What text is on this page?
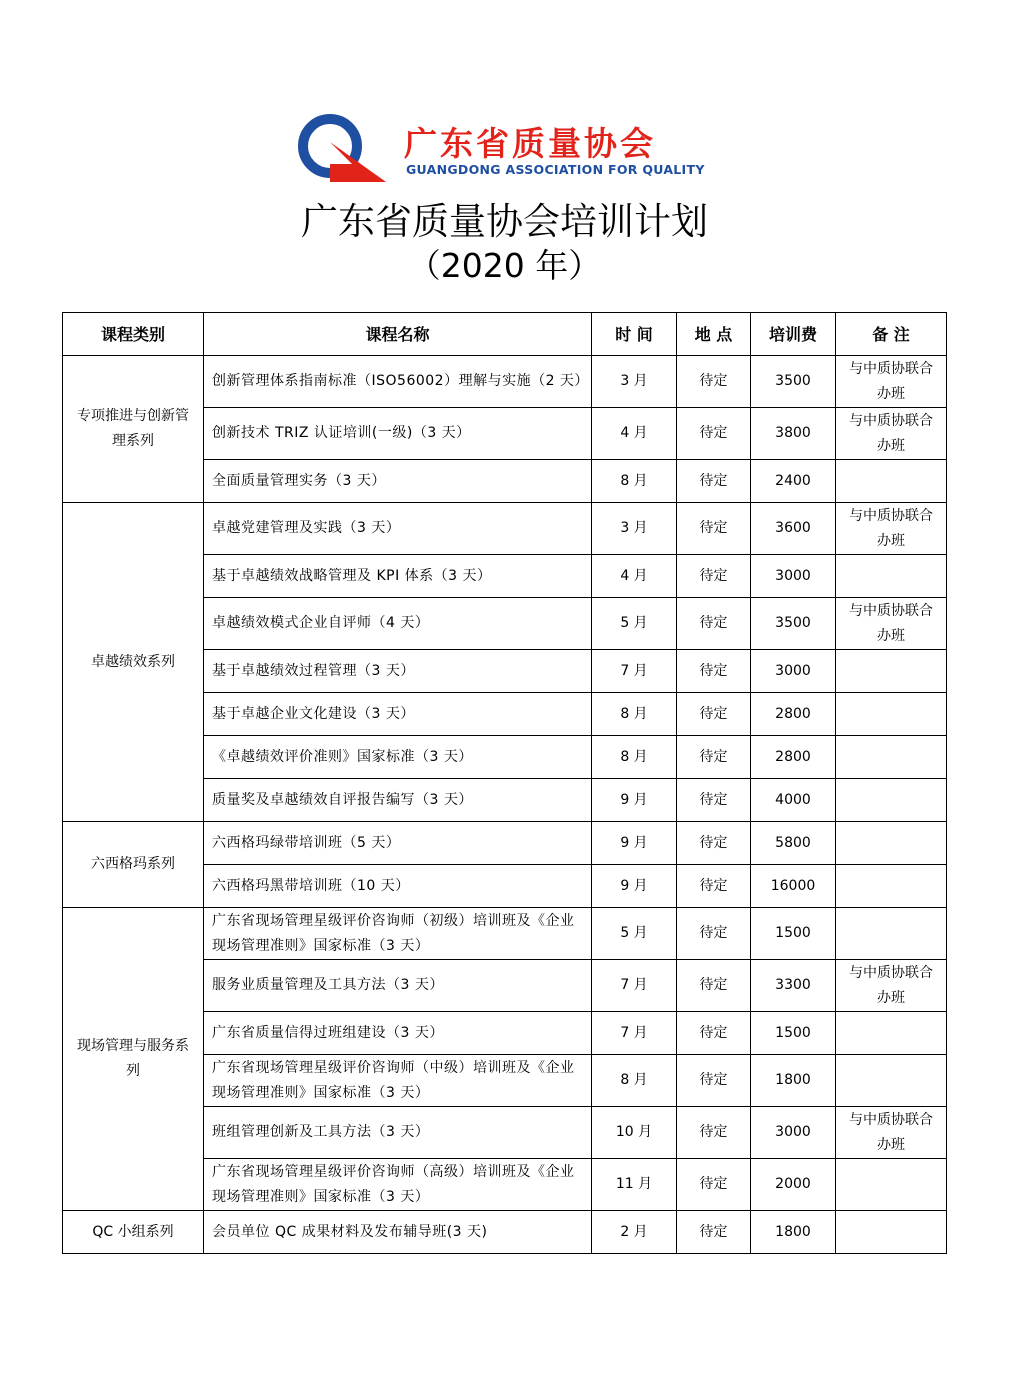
广东省质量协会
GUANGDONG ASSOCIATION FOR QUALITY
广东省质量协会培训计划
（2020 年）
课程类别	课程名称	时 间	地 点	培训费	备 注
专项推进与创新管理系列	创新管理体系指南标准（ISO56002）理解与实施（2 天）	3 月	待定	3500	与中质协联合办班
	创新技术 TRIZ 认证培训(一级)（3 天）	4 月	待定	3800	与中质协联合办班
	全面质量管理实务（3 天）	8 月	待定	2400	
卓越绩效系列	卓越党建管理及实践（3 天）	3 月	待定	3600	与中质协联合办班
	基于卓越绩效战略管理及 KPI 体系（3 天）	4 月	待定	3000	
	卓越绩效模式企业自评师（4 天）	5 月	待定	3500	与中质协联合办班
	基于卓越绩效过程管理（3 天）	7 月	待定	3000	
	基于卓越企业文化建设（3 天）	8 月	待定	2800	
	《卓越绩效评价准则》国家标准（3 天）	8 月	待定	2800	
	质量奖及卓越绩效自评报告编写（3 天）	9 月	待定	4000	
六西格玛系列	六西格玛绿带培训班（5 天）	9 月	待定	5800	
	六西格玛黑带培训班（10 天）	9 月	待定	16000	
现场管理与服务系列	广东省现场管理星级评价咨询师（初级）培训班及《企业现场管理准则》国家标准（3 天）	5 月	待定	1500	
	服务业质量管理及工具方法（3 天）	7 月	待定	3300	与中质协联合办班
	广东省质量信得过班组建设（3 天）	7 月	待定	1500	
	广东省现场管理星级评价咨询师（中级）培训班及《企业现场管理准则》国家标准（3 天）	8 月	待定	1800	
	班组管理创新及工具方法（3 天）	10 月	待定	3000	与中质协联合办班
	广东省现场管理星级评价咨询师（高级）培训班及《企业现场管理准则》国家标准（3 天）	11 月	待定	2000	
QC 小组系列	会员单位 QC 成果材料及发布辅导班(3 天)	2 月	待定	1800	
